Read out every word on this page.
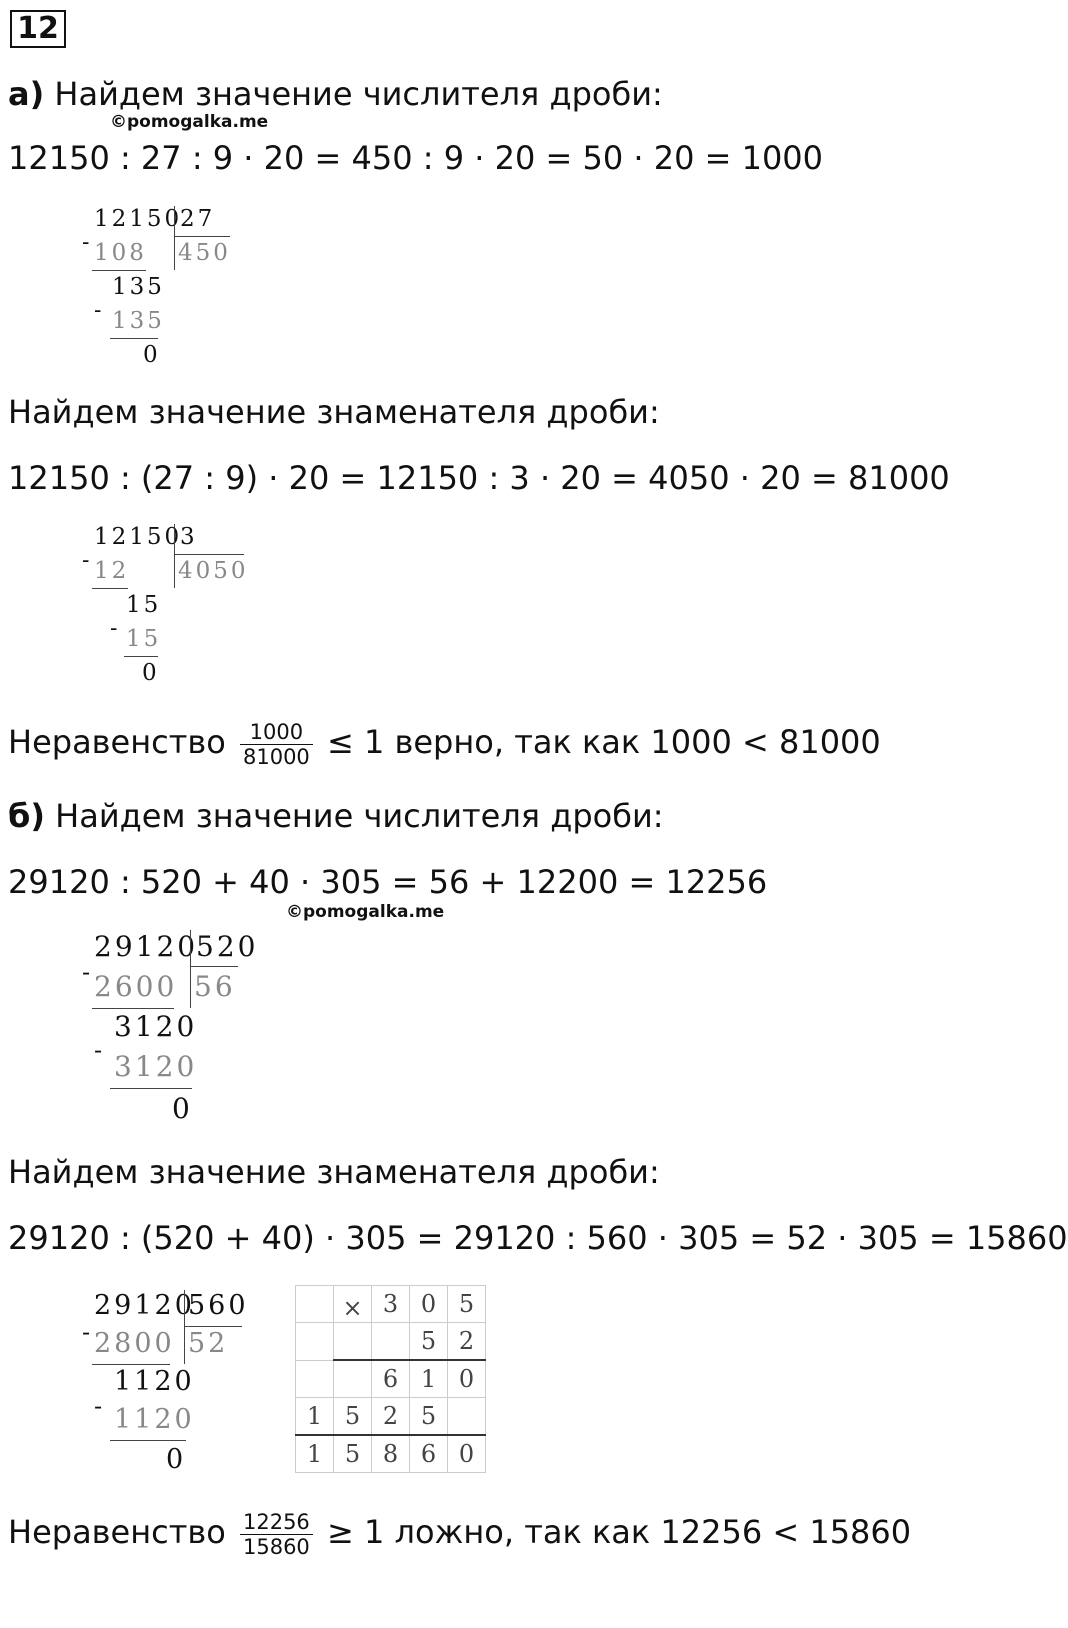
12
а) Найдем значение числителя дроби:
©pomogalka.me
12150 : 27 : 9 · 20 = 450 : 9 · 20 = 50 · 20 = 1000
-
12150
27
450
108
135
- 135
0
Найдем значение знаменателя дроби:
12150 : (27 : 9) · 20 = 12150 : 3 · 20 = 4050 · 20 = 81000
-
12150
3
4050
12
15
- 15
0
Неравенство $\frac{1000}{81000} \le 1$ верно, так как 1000 < 81000
б) Найдем значение числителя дроби:
29120 : 520 + 40 · 305 = 56 + 12200 = 12256
©pomogalka.me
-
29120
520
56
2600
3120
- 3120
0
Найдем значение знаменателя дроби:
29120 : (520 + 40) · 305 = 29120 : 560 · 305 = 52 · 305 = 15860
-
29120
560
52
2800
1120
- 1120
0
	×	3	0	5
			5	2
		6	1	0
1	5	2	5	
1	5	8	6	0
Неравенство $\frac{12256}{15860} \ge 1$ ложно, так как 12256 < 15860
